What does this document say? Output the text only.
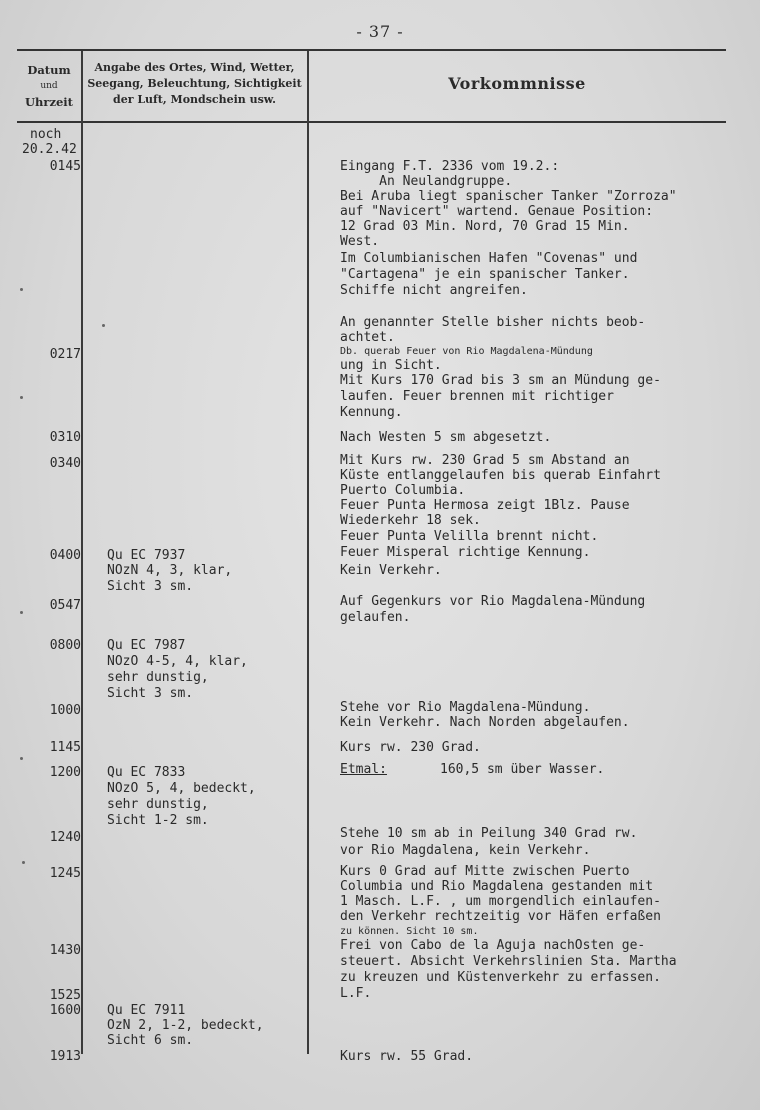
- 37 -
Datum
und
Uhrzeit
Angabe des Ortes, Wind, Wetter,
Seegang, Beleuchtung, Sichtigkeit
der Luft, Mondschein usw.
Vorkommnisse
noch
20.2.42
0145
0217
0310
0340
0400
0547
0800
1000
1145
1200
1240
1245
1430
1525
1600
1913
Qu EC 7937
NOzN 4, 3, klar,
Sicht 3 sm.
Qu EC 7987
NOzO 4-5, 4, klar,
sehr dunstig,
Sicht 3 sm.
Qu EC 7833
NOzO 5, 4, bedeckt,
sehr dunstig,
Sicht 1-2 sm.
Qu EC 7911
OzN 2, 1-2, bedeckt,
Sicht 6 sm.
Eingang F.T. 2336 vom 19.2.:
An Neulandgruppe.
Bei Aruba liegt spanischer Tanker "Zorroza"
auf "Navicert" wartend. Genaue Position:
12 Grad 03 Min. Nord, 70 Grad 15 Min.
West.
Im Columbianischen Hafen "Covenas" und
"Cartagena" je ein spanischer Tanker.
Schiffe nicht angreifen.
An genannter Stelle bisher nichts beob-
achtet.
Db. querab Feuer von Rio Magdalena-Mündung
ung in Sicht.
Mit Kurs 170 Grad bis 3 sm an Mündung ge-
laufen. Feuer brennen mit richtiger
Kennung.
Nach Westen 5 sm abgesetzt.
Mit Kurs rw. 230 Grad 5 sm Abstand an
Küste entlanggelaufen bis querab Einfahrt
Puerto Columbia.
Feuer Punta Hermosa zeigt 1Blz. Pause
Wiederkehr 18 sek.
Feuer Punta Velilla brennt nicht.
Feuer Misperal richtige Kennung.
Kein Verkehr.
Auf Gegenkurs vor Rio Magdalena-Mündung
gelaufen.
Stehe vor Rio Magdalena-Mündung.
Kein Verkehr. Nach Norden abgelaufen.
Kurs rw. 230 Grad.
Etmal:	160,5 sm über Wasser.
Stehe 10 sm ab in Peilung 340 Grad rw.
vor Rio Magdalena, kein Verkehr.
Kurs 0 Grad auf Mitte zwischen Puerto
Columbia und Rio Magdalena gestanden mit
1 Masch. L.F. , um morgendlich einlaufen-
den Verkehr rechtzeitig vor Häfen erfaßen
zu können. Sicht 10 sm.
Frei von Cabo de la Aguja nachOsten ge-
steuert. Absicht Verkehrslinien Sta. Martha
zu kreuzen und Küstenverkehr zu erfassen.
L.F.
Kurs rw. 55 Grad.
